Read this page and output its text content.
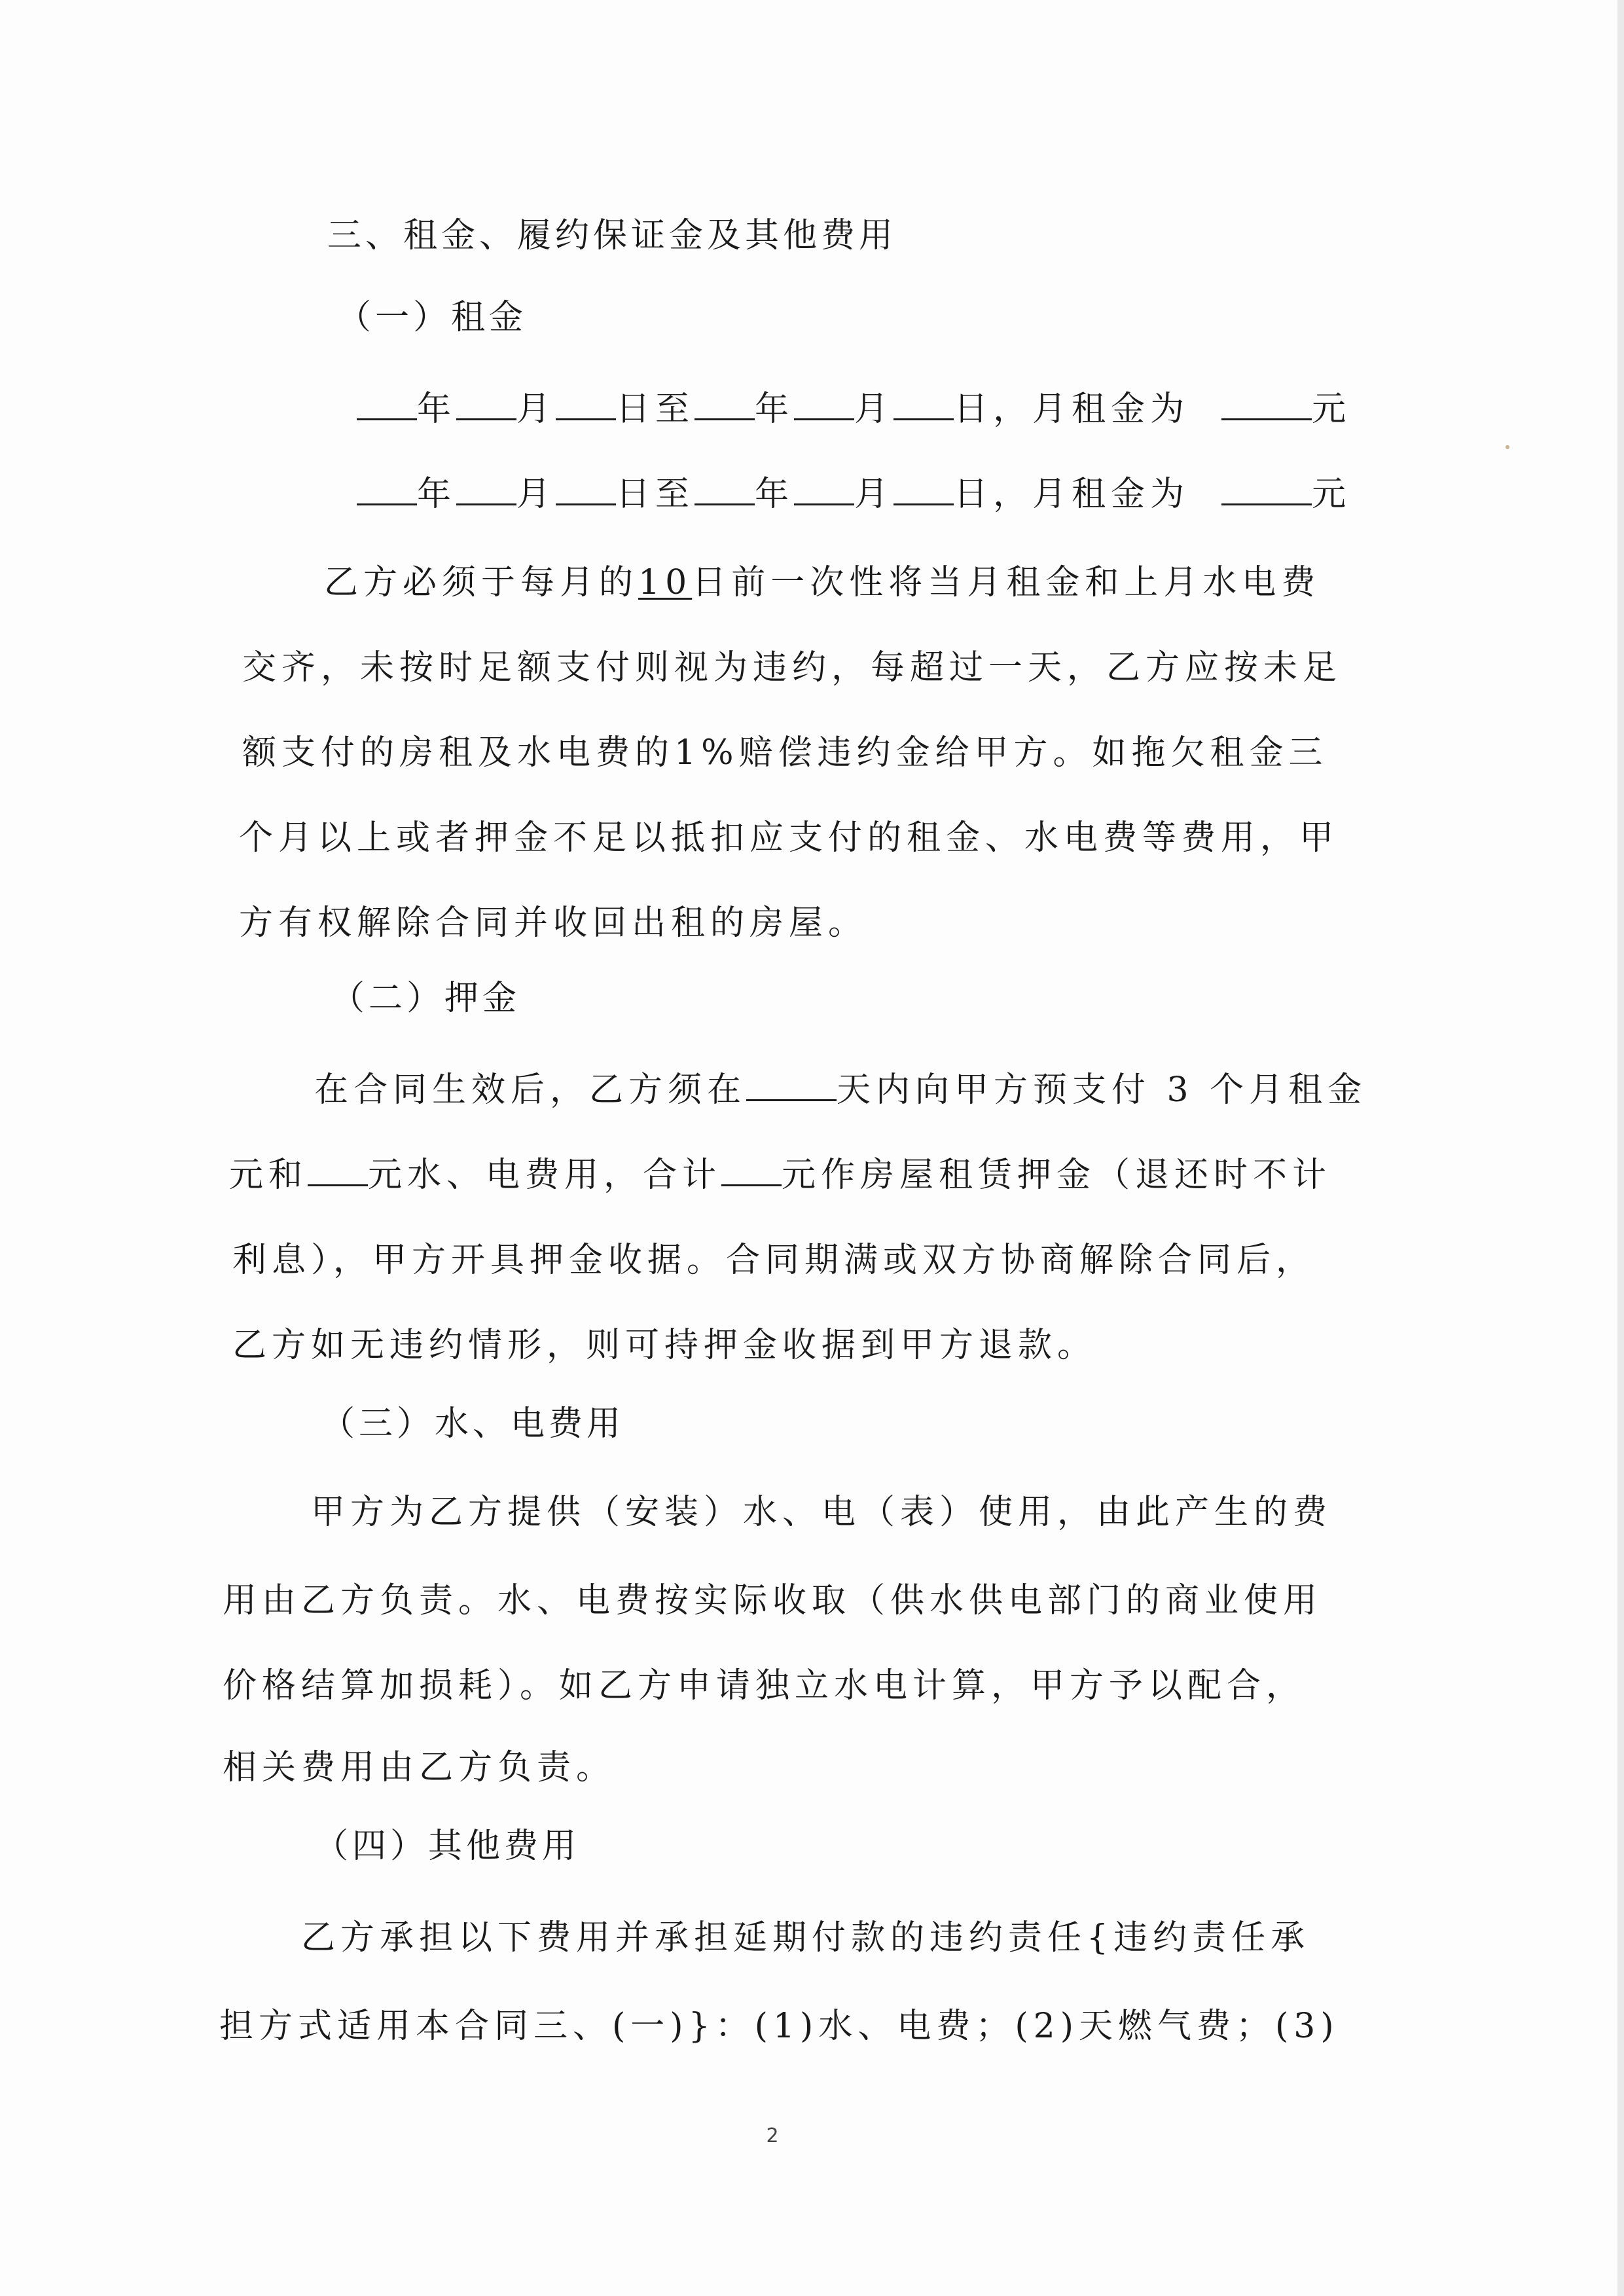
三、租金、履约保证金及其他费用
（一）租金
年 月 日至 年 月 日，月租金为	元
年 月 日至 年 月 日，月租金为	元
乙方必须于每月的10日前一次性将当月租金和上月水电费
交齐，未按时足额支付则视为违约，每超过一天，乙方应按未足
额支付的房租及水电费的1%赔偿违约金给甲方。如拖欠租金三
个月以上或者押金不足以抵扣应支付的租金、水电费等费用，甲
方有权解除合同并收回出租的房屋。
（二）押金
在合同生效后，乙方须在	天内向甲方预支付 3 个月租金
元和 元水、电费用，合计 元作房屋租赁押金（退还时不计
利息），甲方开具押金收据。合同期满或双方协商解除合同后，
乙方如无违约情形，则可持押金收据到甲方退款。
（三）水、电费用
甲方为乙方提供（安装）水、电（表）使用，由此产生的费
用由乙方负责。水、电费按实际收取（供水供电部门的商业使用
价格结算加损耗）。如乙方申请独立水电计算，甲方予以配合，
相关费用由乙方负责。
（四）其他费用
乙方承担以下费用并承担延期付款的违约责任{违约责任承
担方式适用本合同三、(一)}：(1)水、电费；(2)天燃气费；(3)
2
